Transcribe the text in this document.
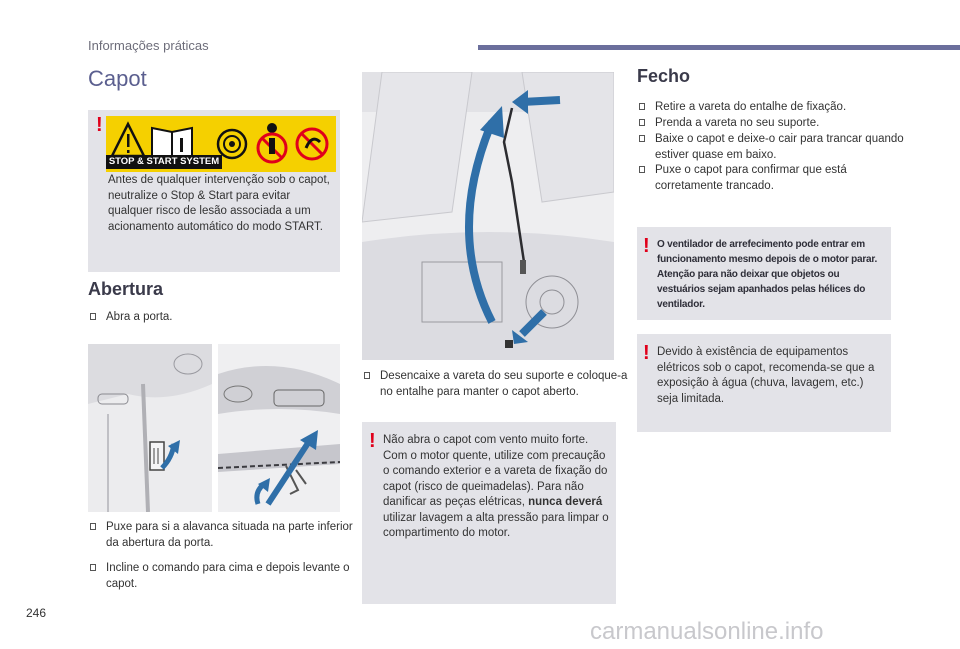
Informações práticas
Capot
!
STOP & START SYSTEM
Antes de qualquer intervenção sob o capot, neutralize o Stop & Start para evitar qualquer risco de lesão associada a um acionamento automático do modo START.
Abertura
Abra a porta.
Puxe para si a alavanca situada na parte inferior da abertura da porta.
Incline o comando para cima e depois levante o capot.
Desencaixe a vareta do seu suporte e coloque-a no entalhe para manter o capot aberto.
! Não abra o capot com vento muito forte. Com o motor quente, utilize com precaução o comando exterior e a vareta de fixação do capot (risco de queimadelas). Para não danificar as peças elétricas, nunca deverá utilizar lavagem a alta pressão para limpar o compartimento do motor.
Fecho
Retire a vareta do entalhe de fixação.
Prenda a vareta no seu suporte.
Baixe o capot e deixe-o cair para trancar quando estiver quase em baixo.
Puxe o capot para confirmar que está corretamente trancado.
! O ventilador de arrefecimento pode entrar em funcionamento mesmo depois de o motor parar. Atenção para não deixar que objetos ou vestuários sejam apanhados pelas hélices do ventilador.
! Devido à existência de equipamentos elétricos sob o capot, recomenda-se que a exposição à água (chuva, lavagem, etc.) seja limitada.
246
carmanualsonline.info
